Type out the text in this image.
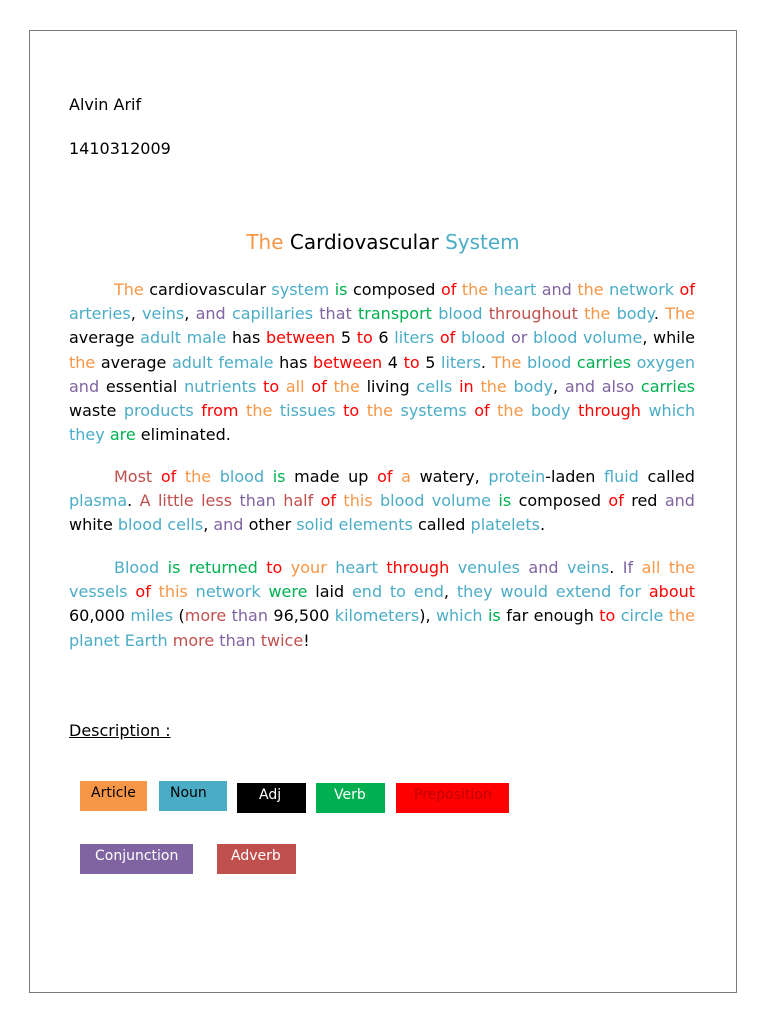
Alvin Arif
1410312009
The Cardiovascular System

The cardiovascular system is composed of the heart and the network of arteries, veins, and capillaries that transport blood throughout the body. The average adult male has between 5 to 6 liters of blood or blood volume, while the average adult female has between 4 to 5 liters. The blood carries oxygen and essential nutrients to all of the living cells in the body, and also carries waste products from the tissues to the systems of the body through which they are eliminated.

Most of the blood is made up of a watery, protein-laden fluid called plasma. A little less than half of this blood volume is composed of red and white blood cells, and other solid elements called platelets.

Blood is returned to your heart through venules and veins. If all the vessels of this network were laid end to end, they would extend for about 60,000 miles (more than 96,500 kilometers), which is far enough to circle the planet Earth more than twice!

Description :
Article	Noun	Adj	Verb	Preposition
Conjunction	Adverb
